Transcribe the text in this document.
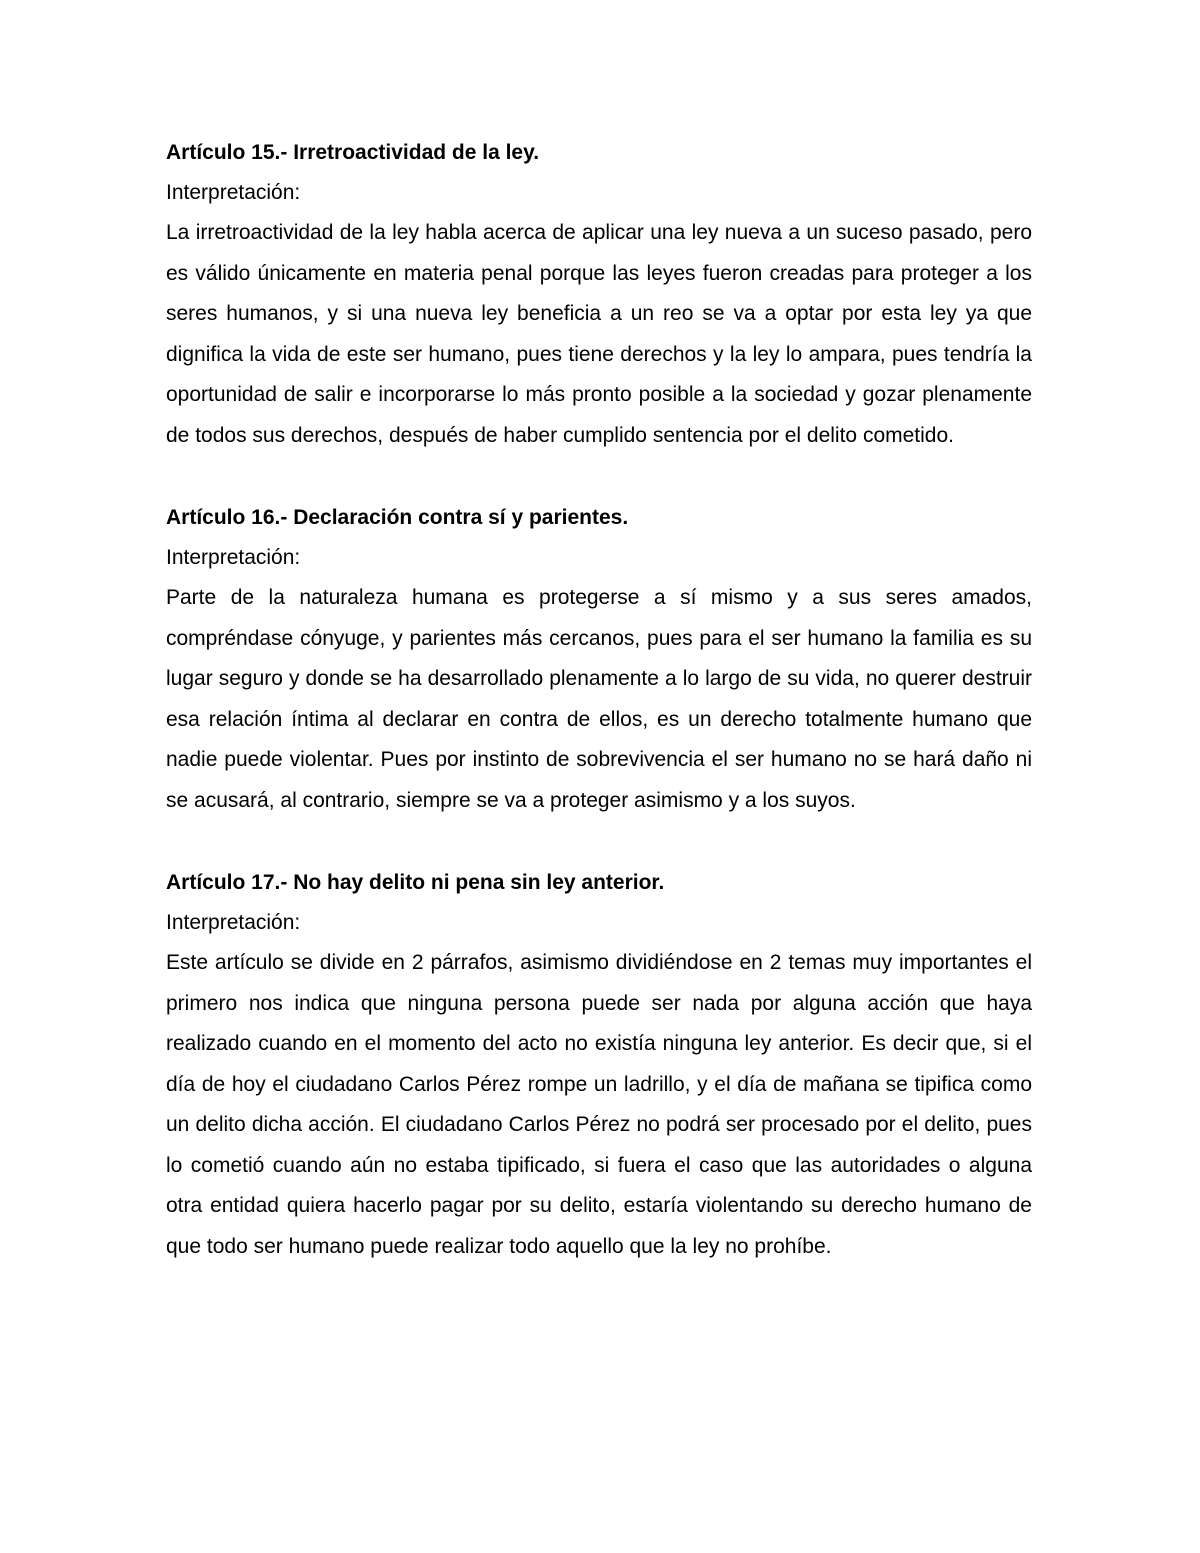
Artículo 15.- Irretroactividad de la ley.

Interpretación:

La irretroactividad de la ley habla acerca de aplicar una ley nueva a un suceso pasado, pero es válido únicamente en materia penal porque las leyes fueron creadas para proteger a los seres humanos, y si una nueva ley beneficia a un reo se va a optar por esta ley ya que dignifica la vida de este ser humano, pues tiene derechos y la ley lo ampara, pues tendría la oportunidad de salir e incorporarse lo más pronto posible a la sociedad y gozar plenamente de todos sus derechos, después de haber cumplido sentencia por el delito cometido.

Artículo 16.- Declaración contra sí y parientes.

Interpretación:

Parte de la naturaleza humana es protegerse a sí mismo y a sus seres amados, compréndase cónyuge, y parientes más cercanos, pues para el ser humano la familia es su lugar seguro y donde se ha desarrollado plenamente a lo largo de su vida, no querer destruir esa relación íntima al declarar en contra de ellos, es un derecho totalmente humano que nadie puede violentar. Pues por instinto de sobrevivencia el ser humano no se hará daño ni se acusará, al contrario, siempre se va a proteger asimismo y a los suyos.

Artículo 17.- No hay delito ni pena sin ley anterior.

Interpretación:

Este artículo se divide en 2 párrafos, asimismo dividiéndose en 2 temas muy importantes el primero nos indica que ninguna persona puede ser nada por alguna acción que haya realizado cuando en el momento del acto no existía ninguna ley anterior. Es decir que, si el día de hoy el ciudadano Carlos Pérez rompe un ladrillo, y el día de mañana se tipifica como un delito dicha acción. El ciudadano Carlos Pérez no podrá ser procesado por el delito, pues lo cometió cuando aún no estaba tipificado, si fuera el caso que las autoridades o alguna otra entidad quiera hacerlo pagar por su delito, estaría violentando su derecho humano de que todo ser humano puede realizar todo aquello que la ley no prohíbe.
